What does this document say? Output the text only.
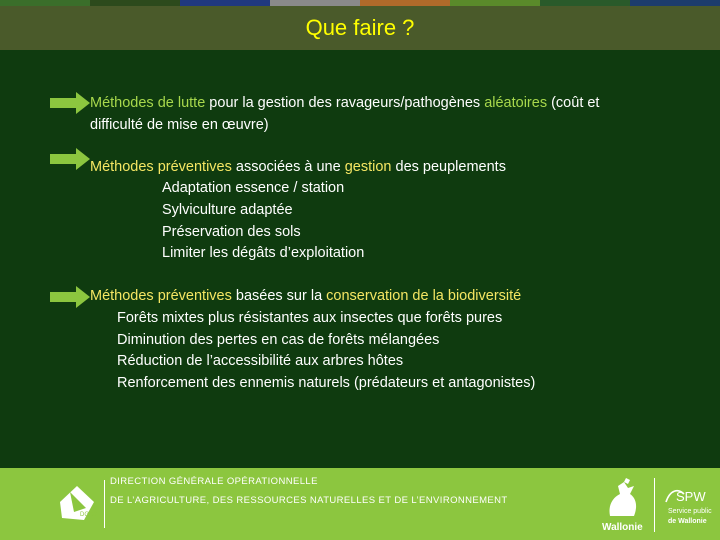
Que faire ?
Méthodes de lutte pour la gestion des ravageurs/pathogènes aléatoires (coût et
difficulté de mise en œuvre)
Méthodes préventives associées à une gestion des peuplements
Adaptation essence / station
Sylviculture adaptée
Préservation des sols
Limiter les dégâts d’exploitation
Méthodes préventives basées sur la conservation de la biodiversité
Forêts mixtes plus résistantes aux insectes que forêts pures
Diminution des pertes en cas de forêts mélangées
Réduction de l’accessibilité aux arbres hôtes
Renforcement des ennemis naturels (prédateurs et antagonistes)
DGO3
DIRECTION GÉNÉRALE OPÉRATIONNELLE
DE L’AGRICULTURE, DES RESSOURCES NATURELLES ET DE L’ENVIRONNEMENT
Wallonie
SPW
Service public
de Wallonie
